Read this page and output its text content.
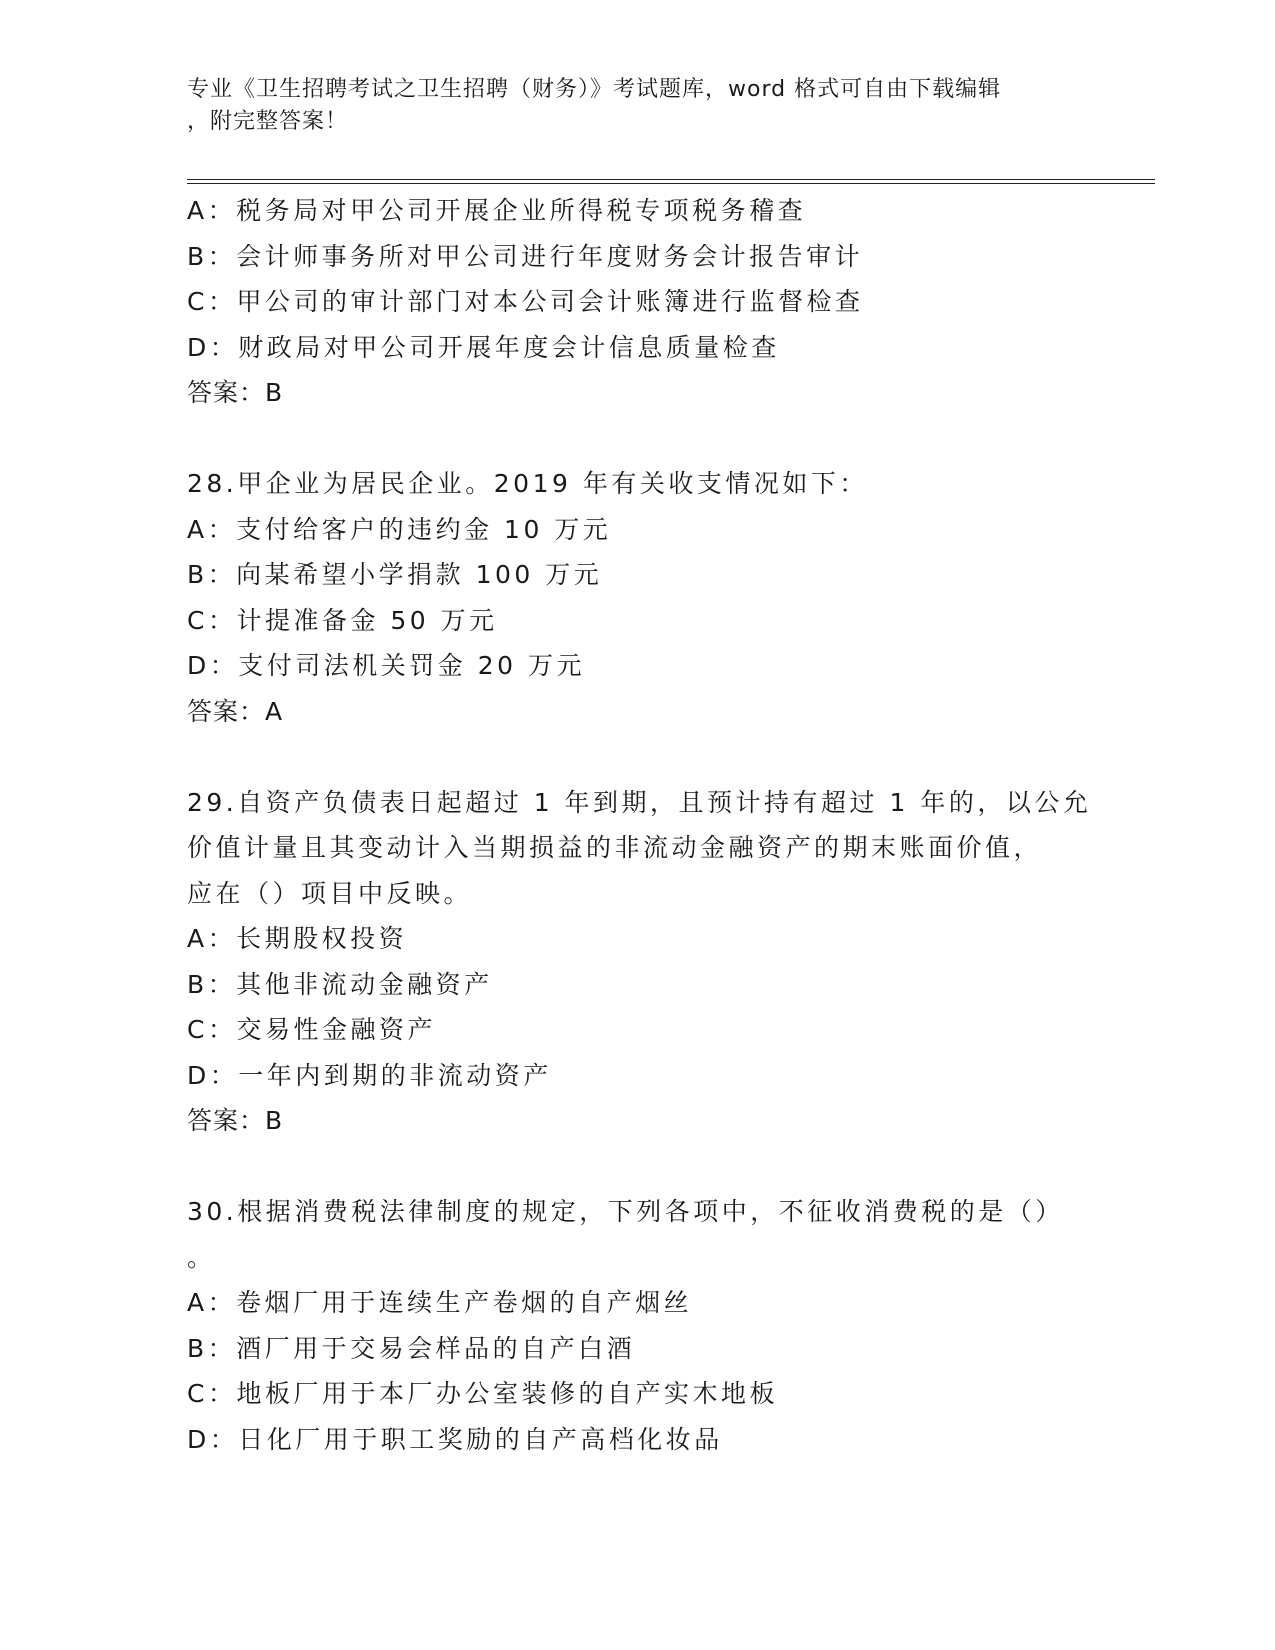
专业《卫生招聘考试之卫生招聘（财务）》考试题库，word 格式可自由下载编辑

，附完整答案！

A：税务局对甲公司开展企业所得税专项税务稽查
B：会计师事务所对甲公司进行年度财务会计报告审计
C：甲公司的审计部门对本公司会计账簿进行监督检查
D：财政局对甲公司开展年度会计信息质量检查
答案：B
28.甲企业为居民企业。2019 年有关收支情况如下：
A：支付给客户的违约金 10 万元
B：向某希望小学捐款 100 万元
C：计提准备金 50 万元
D：支付司法机关罚金 20 万元
答案：A
29.自资产负债表日起超过 1 年到期，且预计持有超过 1 年的，以公允
价值计量且其变动计入当期损益的非流动金融资产的期末账面价值，
应在（）项目中反映。
A：长期股权投资
B：其他非流动金融资产
C：交易性金融资产
D：一年内到期的非流动资产
答案：B
30.根据消费税法律制度的规定，下列各项中，不征收消费税的是（）
。
A：卷烟厂用于连续生产卷烟的自产烟丝
B：酒厂用于交易会样品的自产白酒
C：地板厂用于本厂办公室装修的自产实木地板
D：日化厂用于职工奖励的自产高档化妆品
